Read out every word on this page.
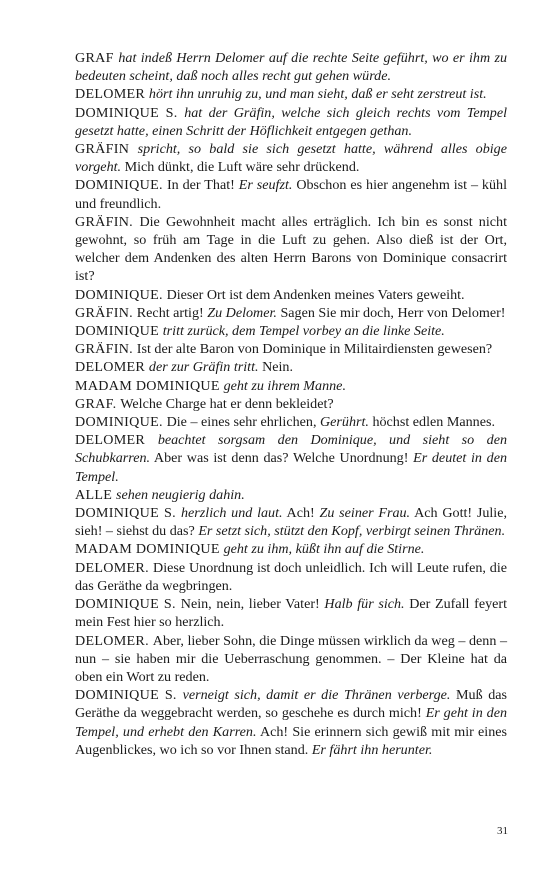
GRAF hat indeß Herrn Delomer auf die rechte Seite geführt, wo er ihm zu bedeuten scheint, daß noch alles recht gut gehen würde.

DELOMER hört ihn unruhig zu, und man sieht, daß er seht zerstreut ist.

DOMINIQUE S. hat der Gräfin, welche sich gleich rechts vom Tempel gesetzt hatte, einen Schritt der Höflichkeit entgegen gethan.

GRÄFIN spricht, so bald sie sich gesetzt hatte, während alles obige vorgeht. Mich dünkt, die Luft wäre sehr drückend.

DOMINIQUE. In der That! Er seufzt. Obschon es hier angenehm ist – kühl und freundlich.

GRÄFIN. Die Gewohnheit macht alles erträglich. Ich bin es sonst nicht gewohnt, so früh am Tage in die Luft zu gehen. Also dieß ist der Ort, welcher dem Andenken des alten Herrn Barons von Dominique consacrirt ist?

DOMINIQUE. Dieser Ort ist dem Andenken meines Vaters geweiht.

GRÄFIN. Recht artig! Zu Delomer. Sagen Sie mir doch, Herr von Delomer!

DOMINIQUE tritt zurück, dem Tempel vorbey an die linke Seite.

GRÄFIN. Ist der alte Baron von Dominique in Militairdiensten gewesen?

DELOMER der zur Gräfin tritt. Nein.

MADAM DOMINIQUE geht zu ihrem Manne.

GRAF. Welche Charge hat er denn bekleidet?

DOMINIQUE. Die – eines sehr ehrlichen, Gerührt. höchst edlen Mannes.

DELOMER beachtet sorgsam den Dominique, und sieht so den Schubkarren. Aber was ist denn das? Welche Unordnung! Er deutet in den Tempel.

ALLE sehen neugierig dahin.

DOMINIQUE S. herzlich und laut. Ach! Zu seiner Frau. Ach Gott! Julie, sieh! – siehst du das? Er setzt sich, stützt den Kopf, verbirgt seinen Thränen.

MADAM DOMINIQUE geht zu ihm, küßt ihn auf die Stirne.

DELOMER. Diese Unordnung ist doch unleidlich. Ich will Leute rufen, die das Geräthe da wegbringen.

DOMINIQUE S. Nein, nein, lieber Vater! Halb für sich. Der Zufall feyert mein Fest hier so herzlich.

DELOMER. Aber, lieber Sohn, die Dinge müssen wirklich da weg – denn – nun – sie haben mir die Ueberraschung genommen. – Der Kleine hat da oben ein Wort zu reden.

DOMINIQUE S. verneigt sich, damit er die Thränen verberge. Muß das Geräthe da weggebracht werden, so geschehe es durch mich! Er geht in den Tempel, und erhebt den Karren. Ach! Sie erinnern sich gewiß mit mir eines Augenblickes, wo ich so vor Ihnen stand. Er fährt ihn herunter.

31
